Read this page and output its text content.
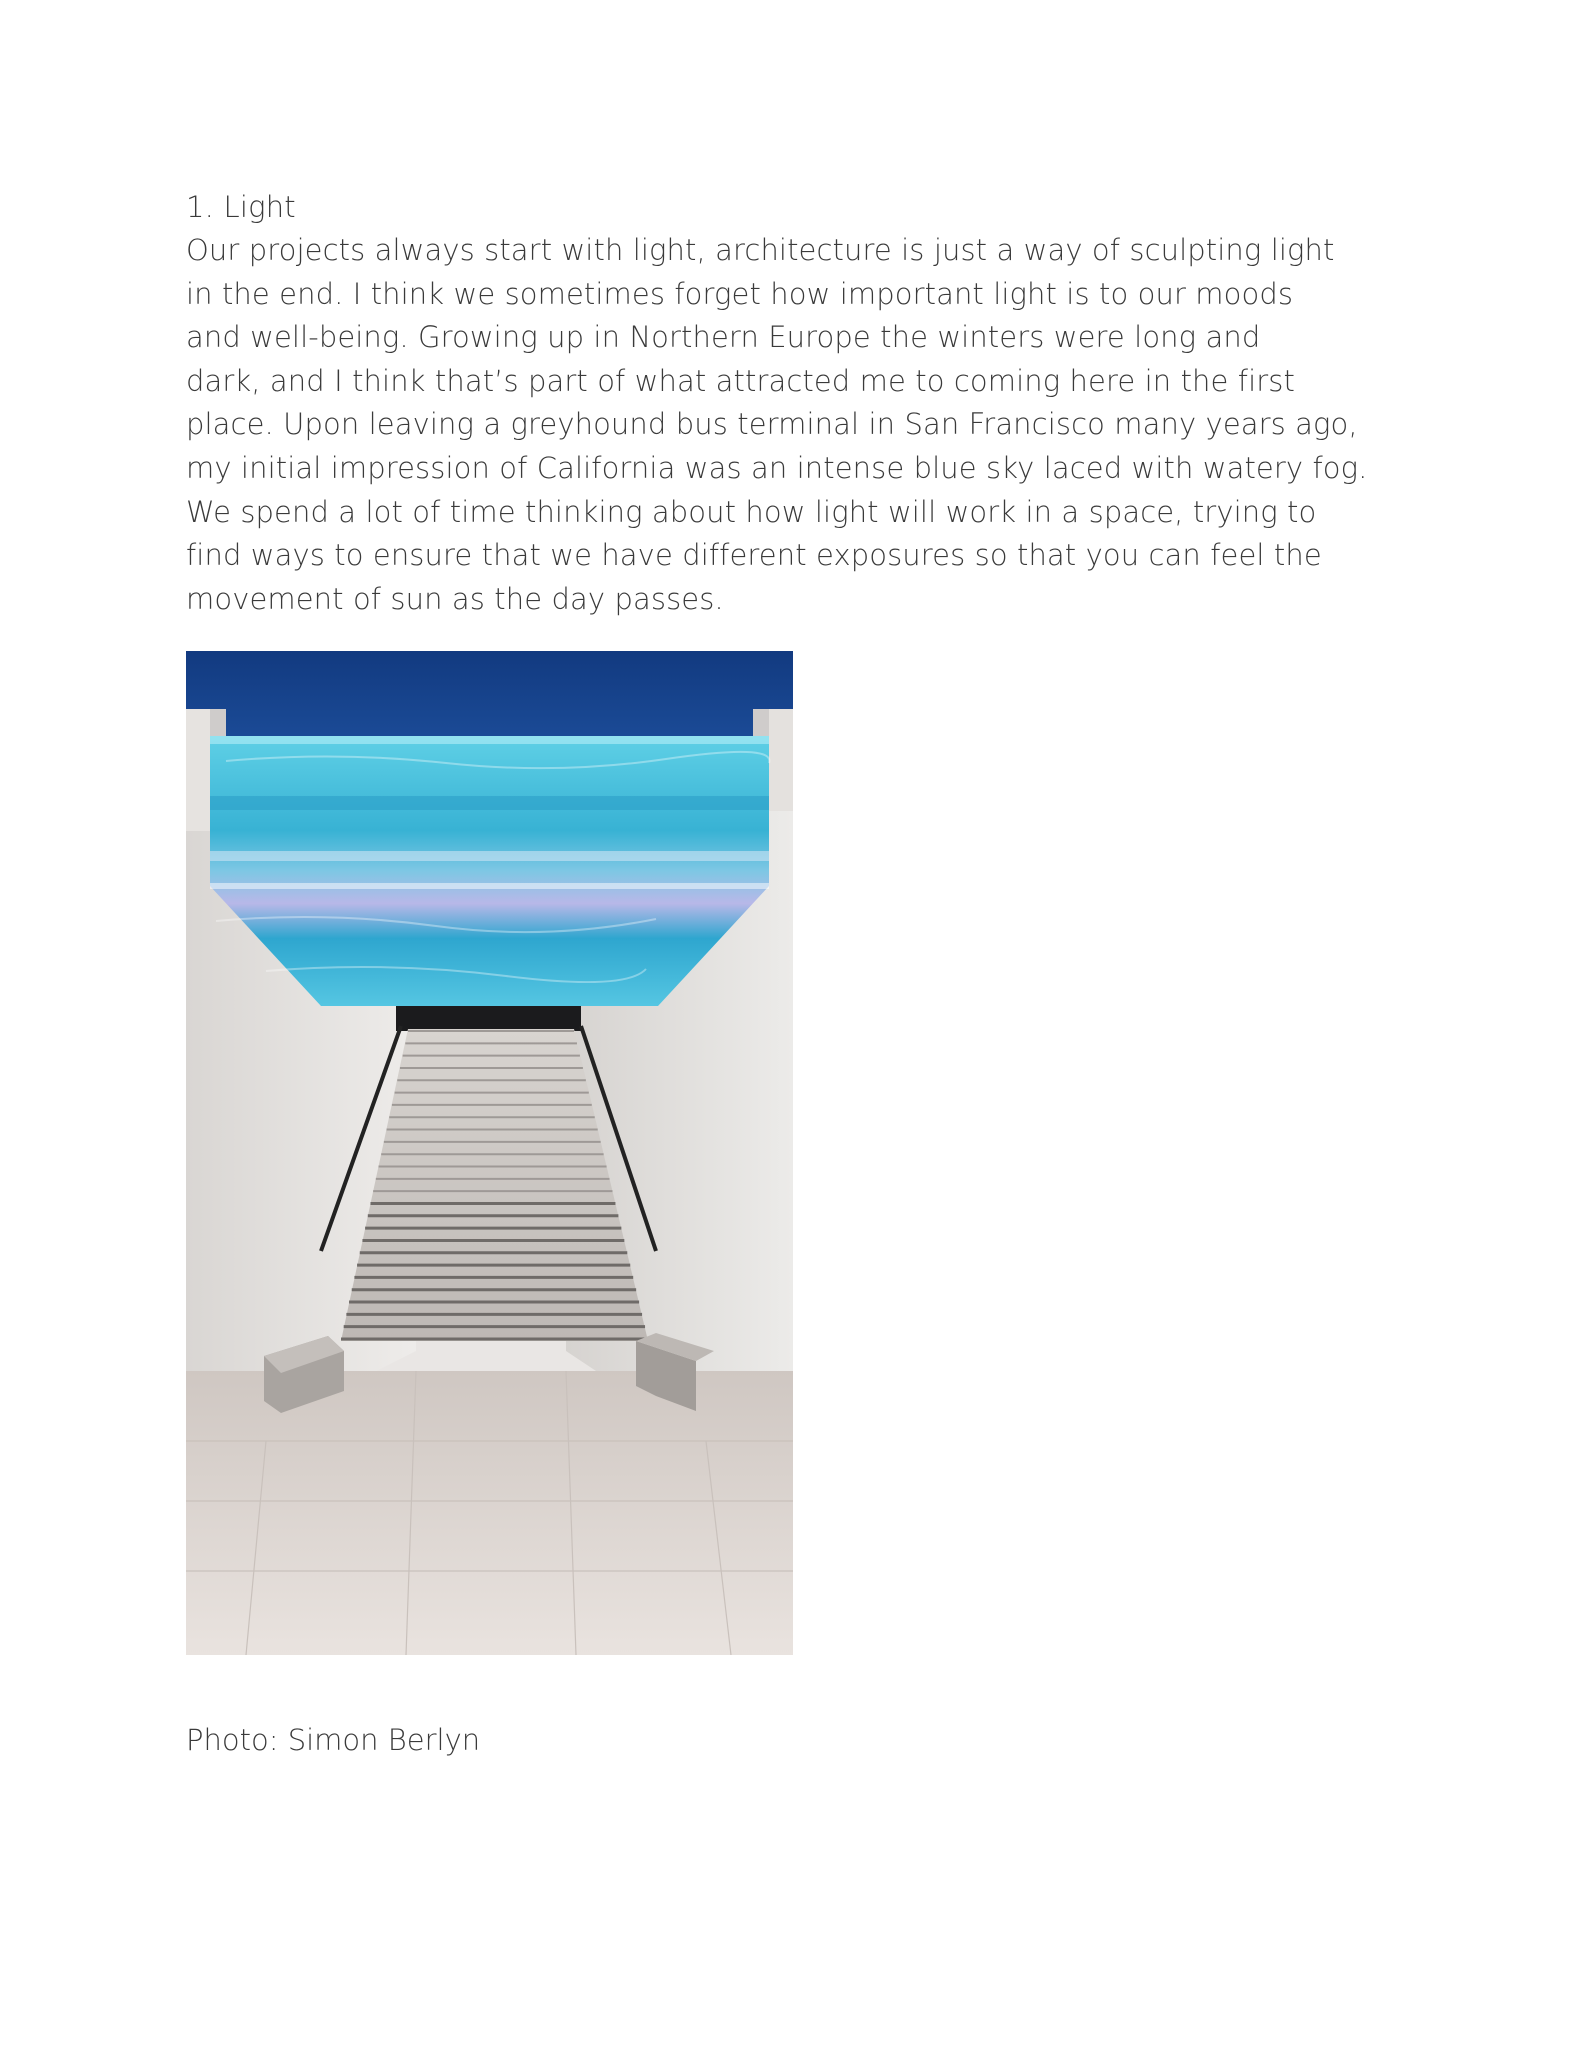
1. Light

Our projects always start with light, architecture is just a way of sculpting light
in the end. I think we sometimes forget how important light is to our moods
and well-being. Growing up in Northern Europe the winters were long and
dark, and I think that’s part of what attracted me to coming here in the first
place. Upon leaving a greyhound bus terminal in San Francisco many years ago,
my initial impression of California was an intense blue sky laced with watery fog.
We spend a lot of time thinking about how light will work in a space, trying to
find ways to ensure that we have different exposures so that you can feel the
movement of sun as the day passes.

Photo: Simon Berlyn
